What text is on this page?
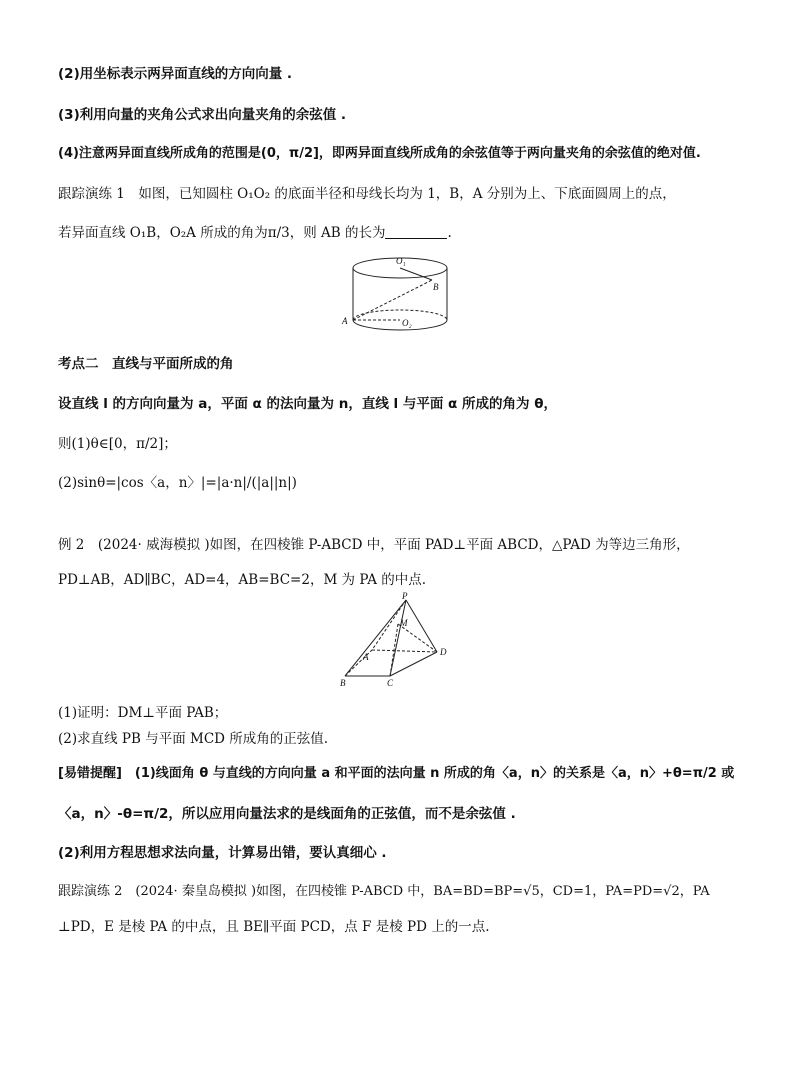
(2)用坐标表示两异面直线的方向向量 .
(3)利用向量的夹角公式求出向量夹角的余弦值 .
(4)注意两异面直线所成角的范围是(0，π/2]，即两异面直线所成角的余弦值等于两向量夹角的余弦值的绝对值.
跟踪演练 1　如图，已知圆柱 O₁O₂ 的底面半径和母线长均为 1，B，A 分别为上、下底面圆周上的点，
若异面直线 O₁B，O₂A 所成的角为π/3，则 AB 的长为	.
O₁
B
A	O₂
考点二　直线与平面所成的角
设直线 l 的方向向量为 a，平面 α 的法向量为 n，直线 l 与平面 α 所成的角为 θ，
则(1)θ∈[0，π/2]；
(2)sinθ=|cos〈a，n〉|=|a·n|/(|a||n|)
例 2　(2024· 威海模拟 )如图，在四棱锥 P-ABCD 中，平面 PAD⊥平面 ABCD，△PAD 为等边三角形，
PD⊥AB，AD∥BC，AD=4，AB=BC=2，M 为 PA 的中点.
P
M
A	D
B	C
(1)证明：DM⊥平面 PAB；
(2)求直线 PB 与平面 MCD 所成角的正弦值.
[易错提醒]　(1)线面角 θ 与直线的方向向量 a 和平面的法向量 n 所成的角〈a，n〉的关系是〈a，n〉+θ=π/2 或
〈a，n〉-θ=π/2，所以应用向量法求的是线面角的正弦值，而不是余弦值 .
(2)利用方程思想求法向量，计算易出错，要认真细心 .
跟踪演练 2　(2024· 秦皇岛模拟 )如图，在四棱锥 P-ABCD 中，BA=BD=BP=√5，CD=1，PA=PD=√2，PA
⊥PD，E 是棱 PA 的中点，且 BE∥平面 PCD，点 F 是棱 PD 上的一点.
